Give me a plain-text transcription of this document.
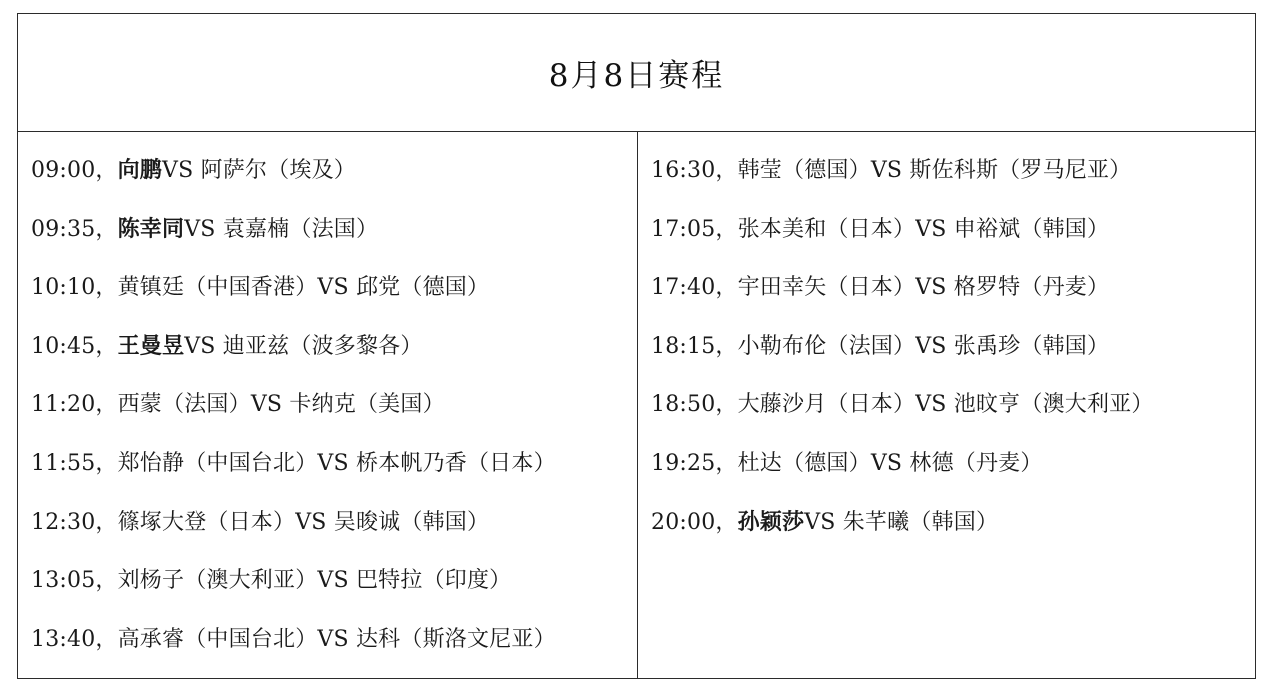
8月8日赛程
09:00，向鹏VS 阿萨尔（埃及）
09:35，陈幸同VS 袁嘉楠（法国）
10:10，黄镇廷（中国香港）VS 邱党（德国）
10:45，王曼昱VS 迪亚兹（波多黎各）
11:20，西蒙（法国）VS 卡纳克（美国）
11:55，郑怡静（中国台北）VS 桥本帆乃香（日本）
12:30，篠塚大登（日本）VS 吴晙诚（韩国）
13:05，刘杨子（澳大利亚）VS 巴特拉（印度）
13:40，高承睿（中国台北）VS 达科（斯洛文尼亚）
16:30，韩莹（德国）VS 斯佐科斯（罗马尼亚）
17:05，张本美和（日本）VS 申裕斌（韩国）
17:40，宇田幸矢（日本）VS 格罗特（丹麦）
18:15，小勒布伦（法国）VS 张禹珍（韩国）
18:50，大藤沙月（日本）VS 池旼亨（澳大利亚）
19:25，杜达（德国）VS 林德（丹麦）
20:00，孙颖莎VS 朱芊曦（韩国）
